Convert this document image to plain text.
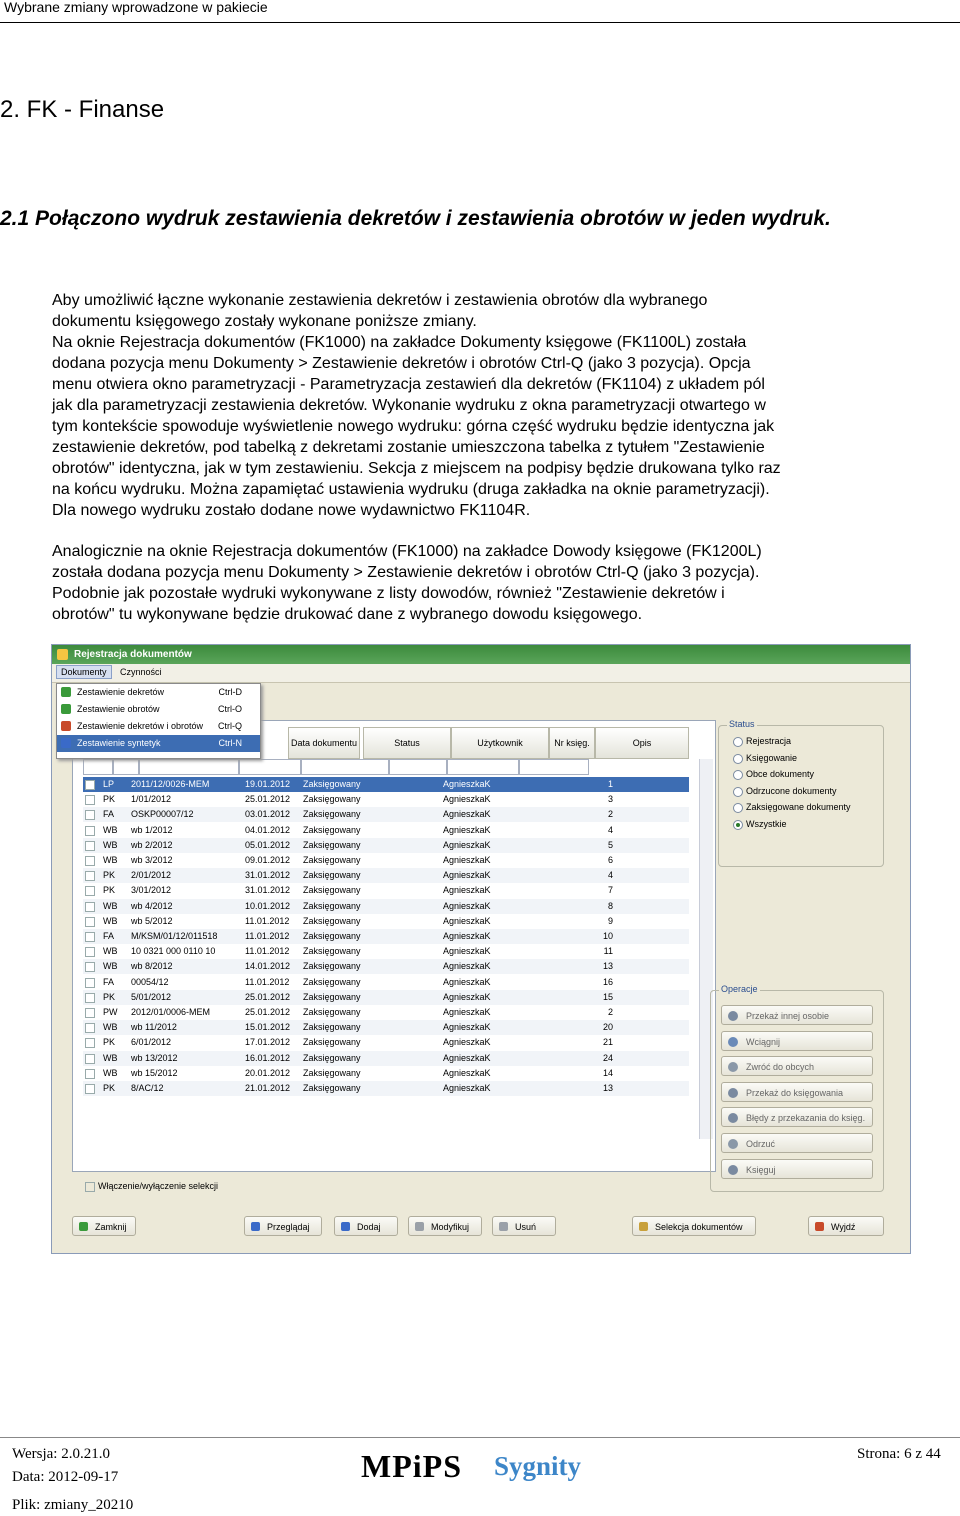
Wybrane zmiany wprowadzone w pakiecie
2. FK - Finanse
2.1 Połączono wydruk zestawienia dekretów i zestawienia obrotów w jeden wydruk.
Aby umożliwić łączne wykonanie zestawienia dekretów i zestawienia obrotów dla wybranego
dokumentu księgowego zostały wykonane poniższe zmiany.
Na oknie Rejestracja dokumentów (FK1000) na zakładce Dokumenty księgowe (FK1100L) została
dodana pozycja menu Dokumenty > Zestawienie dekretów i obrotów Ctrl-Q (jako 3 pozycja). Opcja
menu otwiera okno parametryzacji - Parametryzacja zestawień dla dekretów (FK1104) z układem pól
jak dla parametryzacji zestawienia dekretów. Wykonanie wydruku z okna parametryzacji otwartego w
tym kontekście spowoduje wyświetlenie nowego wydruku: górna część wydruku będzie identyczna jak
zestawienie dekretów, pod tabelką z dekretami zostanie umieszczona tabelka z tytułem "Zestawienie
obrotów" identyczna, jak w tym zestawieniu. Sekcja z miejscem na podpisy będzie drukowana tylko raz
na końcu wydruku. Można zapamiętać ustawienia wydruku (druga zakładka na oknie parametryzacji).
Dla nowego wydruku zostało dodane nowe wydawnictwo FK1104R.
Analogicznie na oknie Rejestracja dokumentów (FK1000) na zakładce Dowody księgowe (FK1200L)
została dodana pozycja menu Dokumenty > Zestawienie dekretów i obrotów Ctrl-Q (jako 3 pozycja).
Podobnie jak pozostałe wydruki wykonywane z listy dowodów, również "Zestawienie dekretów i
obrotów" tu wykonywane będzie drukować dane z wybranego dowodu księgowego.
Rejestracja dokumentów
Dokumenty	Czynności
Zestawienie dekretów	Ctrl-D
Zestawienie obrotów	Ctrl-O
Zestawienie dekretów i obrotów Ctrl-Q
Zestawienie syntetyk	Ctrl-N	Data dokumentu	Status	Użytkownik	Nr księg.	Opis
LP	2011/12/0026-MEM	19.01.2012	Zaksięgowany	AgnieszkaK	1
PK	1/01/2012	25.01.2012	Zaksięgowany	AgnieszkaK	3
FA	OSKP00007/12	03.01.2012	Zaksięgowany	AgnieszkaK	2
WB	wb 1/2012	04.01.2012	Zaksięgowany	AgnieszkaK	4
WB	wb 2/2012	05.01.2012	Zaksięgowany	AgnieszkaK	5
WB	wb 3/2012	09.01.2012	Zaksięgowany	AgnieszkaK	6
PK	2/01/2012	31.01.2012	Zaksięgowany	AgnieszkaK	4
PK	3/01/2012	31.01.2012	Zaksięgowany	AgnieszkaK	7
WB	wb 4/2012	10.01.2012	Zaksięgowany	AgnieszkaK	8
WB	wb 5/2012	11.01.2012	Zaksięgowany	AgnieszkaK	9
FA	M/KSM/01/12/011518	11.01.2012	Zaksięgowany	AgnieszkaK	10
WB	10 0321 000 0110 10	11.01.2012	Zaksięgowany	AgnieszkaK	11
WB	wb 8/2012	14.01.2012	Zaksięgowany	AgnieszkaK	13
FA	00054/12	11.01.2012	Zaksięgowany	AgnieszkaK	16
PK	5/01/2012	25.01.2012	Zaksięgowany	AgnieszkaK	15
PW	2012/01/0006-MEM	25.01.2012	Zaksięgowany	AgnieszkaK	2
WB	wb 11/2012	15.01.2012	Zaksięgowany	AgnieszkaK	20
PK	6/01/2012	17.01.2012	Zaksięgowany	AgnieszkaK	21
WB	wb 13/2012	16.01.2012	Zaksięgowany	AgnieszkaK	24
WB	wb 15/2012	20.01.2012	Zaksięgowany	AgnieszkaK	14
PK	8/AC/12	21.01.2012	Zaksięgowany	AgnieszkaK	13
Włączenie/wyłączenie selekcji
Status
Rejestracja
Księgowanie
Obce dokumenty
Odrzucone dokumenty
Zaksięgowane dokumenty
Wszystkie
Operacje
Przekaż innej osobie
Wciągnij
Zwróć do obcych
Przekaż do księgowania
Błędy z przekazania do księg.
Odrzuć
Księguj
Zamknij	Przeglądaj	Dodaj	Modyfikuj	Usuń	Selekcja dokumentów	Wyjdź
Wersja: 2.0.21.0
Data: 2012-09-17
Plik: zmiany_20210
Strona: 6 z 44
MPiPS Sygnity
